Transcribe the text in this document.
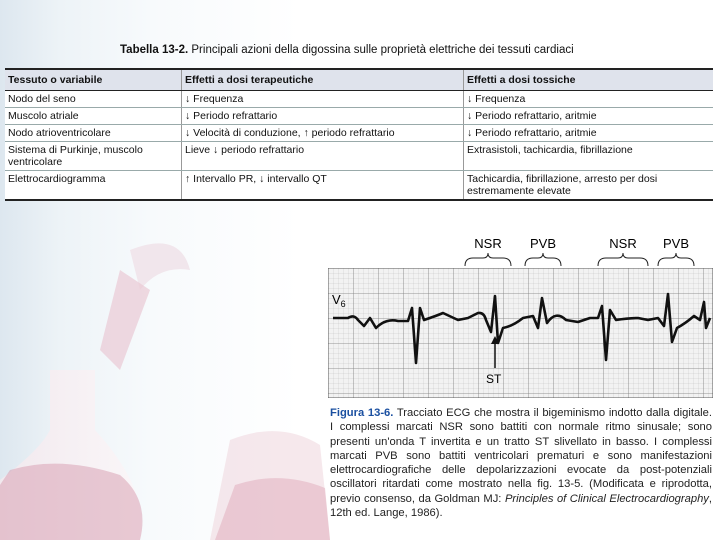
Tabella 13-2. Principali azioni della digossina sulle proprietà elettriche dei tessuti cardiaci
Tessuto o variabile	Effetti a dosi terapeutiche	Effetti a dosi tossiche
Nodo del seno	↓ Frequenza	↓ Frequenza
Muscolo atriale	↓ Periodo refrattario	↓ Periodo refrattario, aritmie
Nodo atrioventricolare	↓ Velocità di conduzione, ↑ periodo refrattario	↓ Periodo refrattario, aritmie
Sistema di Purkinje, muscolo ventricolare	Lieve ↓ periodo refrattario	Extrasistoli, tachicardia, fibrillazione
Elettrocardiogramma	↑ Intervallo PR, ↓ intervallo QT	Tachicardia, fibrillazione, arresto per dosi estremamente elevate
NSR PVB	NSR PVB
$V_6$
ST
Figura 13-6. Tracciato ECG che mostra il bigeminismo indotto dalla digitale. I complessi marcati NSR sono battiti con normale ritmo sinusale; sono presenti un'onda T invertita e un tratto ST slivellato in basso. I complessi marcati PVB sono battiti ventricolari prematuri e sono manifestazioni elettrocardiografiche delle depolarizzazioni evocate da post-potenziali oscillatori ritardati come mostrato nella fig. 13-5. (Modificata e riprodotta, previo consenso, da Goldman MJ: Principles of Clinical Electrocardiography, 12th ed. Lange, 1986).
